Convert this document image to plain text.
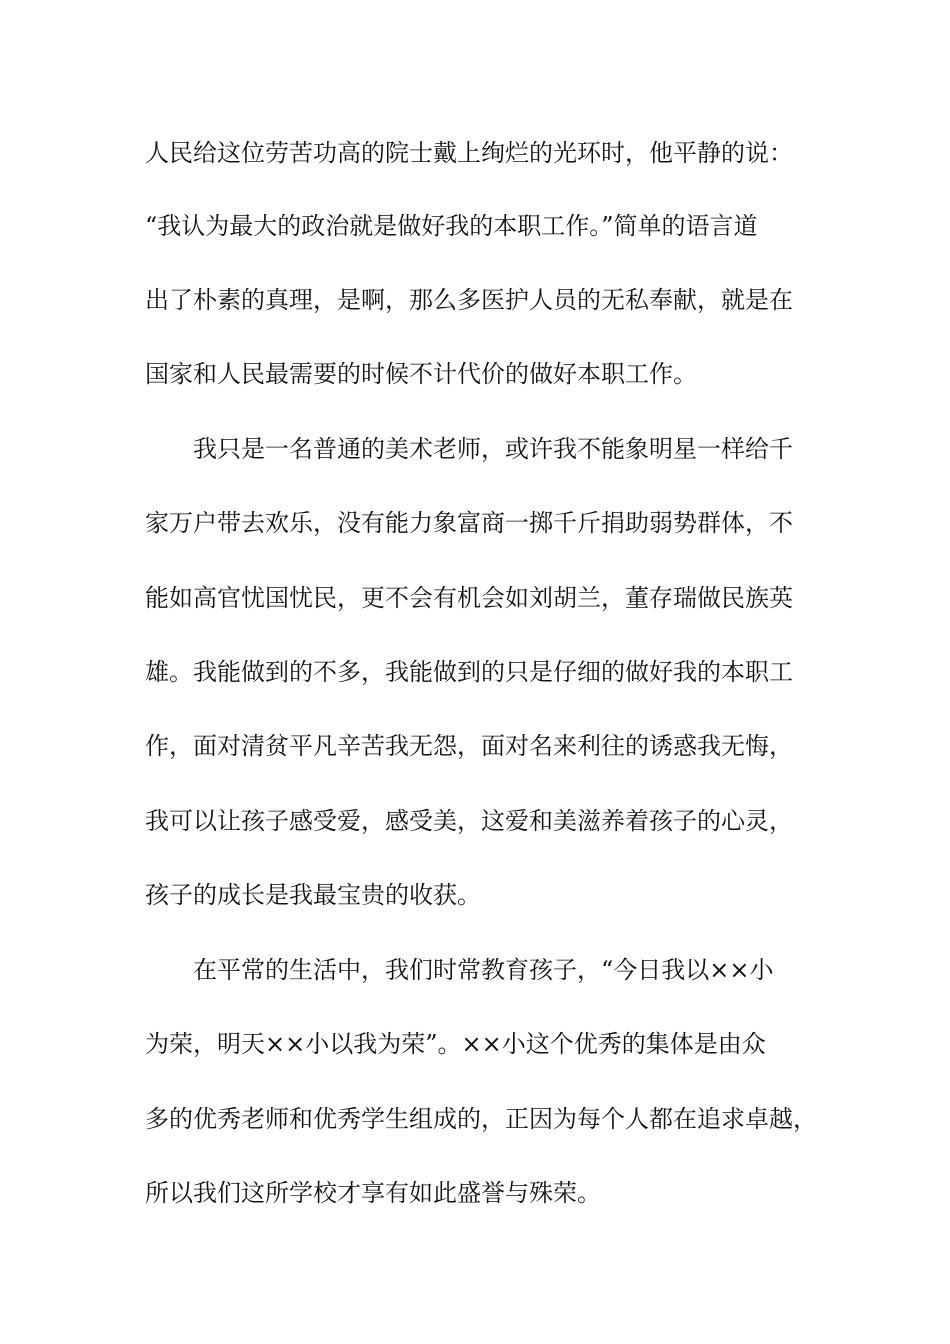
人民给这位劳苦功高的院士戴上绚烂的光环时，他平静的说：
“我认为最大的政治就是做好我的本职工作。”简单的语言道
出了朴素的真理，是啊，那么多医护人员的无私奉献，就是在
国家和人民最需要的时候不计代价的做好本职工作。
我只是一名普通的美术老师，或许我不能象明星一样给千
家万户带去欢乐，没有能力象富商一掷千斤捐助弱势群体，不
能如高官忧国忧民，更不会有机会如刘胡兰，董存瑞做民族英
雄。我能做到的不多，我能做到的只是仔细的做好我的本职工
作，面对清贫平凡辛苦我无怨，面对名来利往的诱惑我无悔，
我可以让孩子感受爱，感受美，这爱和美滋养着孩子的心灵，
孩子的成长是我最宝贵的收获。
在平常的生活中，我们时常教育孩子，“今日我以××小
为荣，明天××小以我为荣”。××小这个优秀的集体是由众
多的优秀老师和优秀学生组成的，正因为每个人都在追求卓越，
所以我们这所学校才享有如此盛誉与殊荣。
